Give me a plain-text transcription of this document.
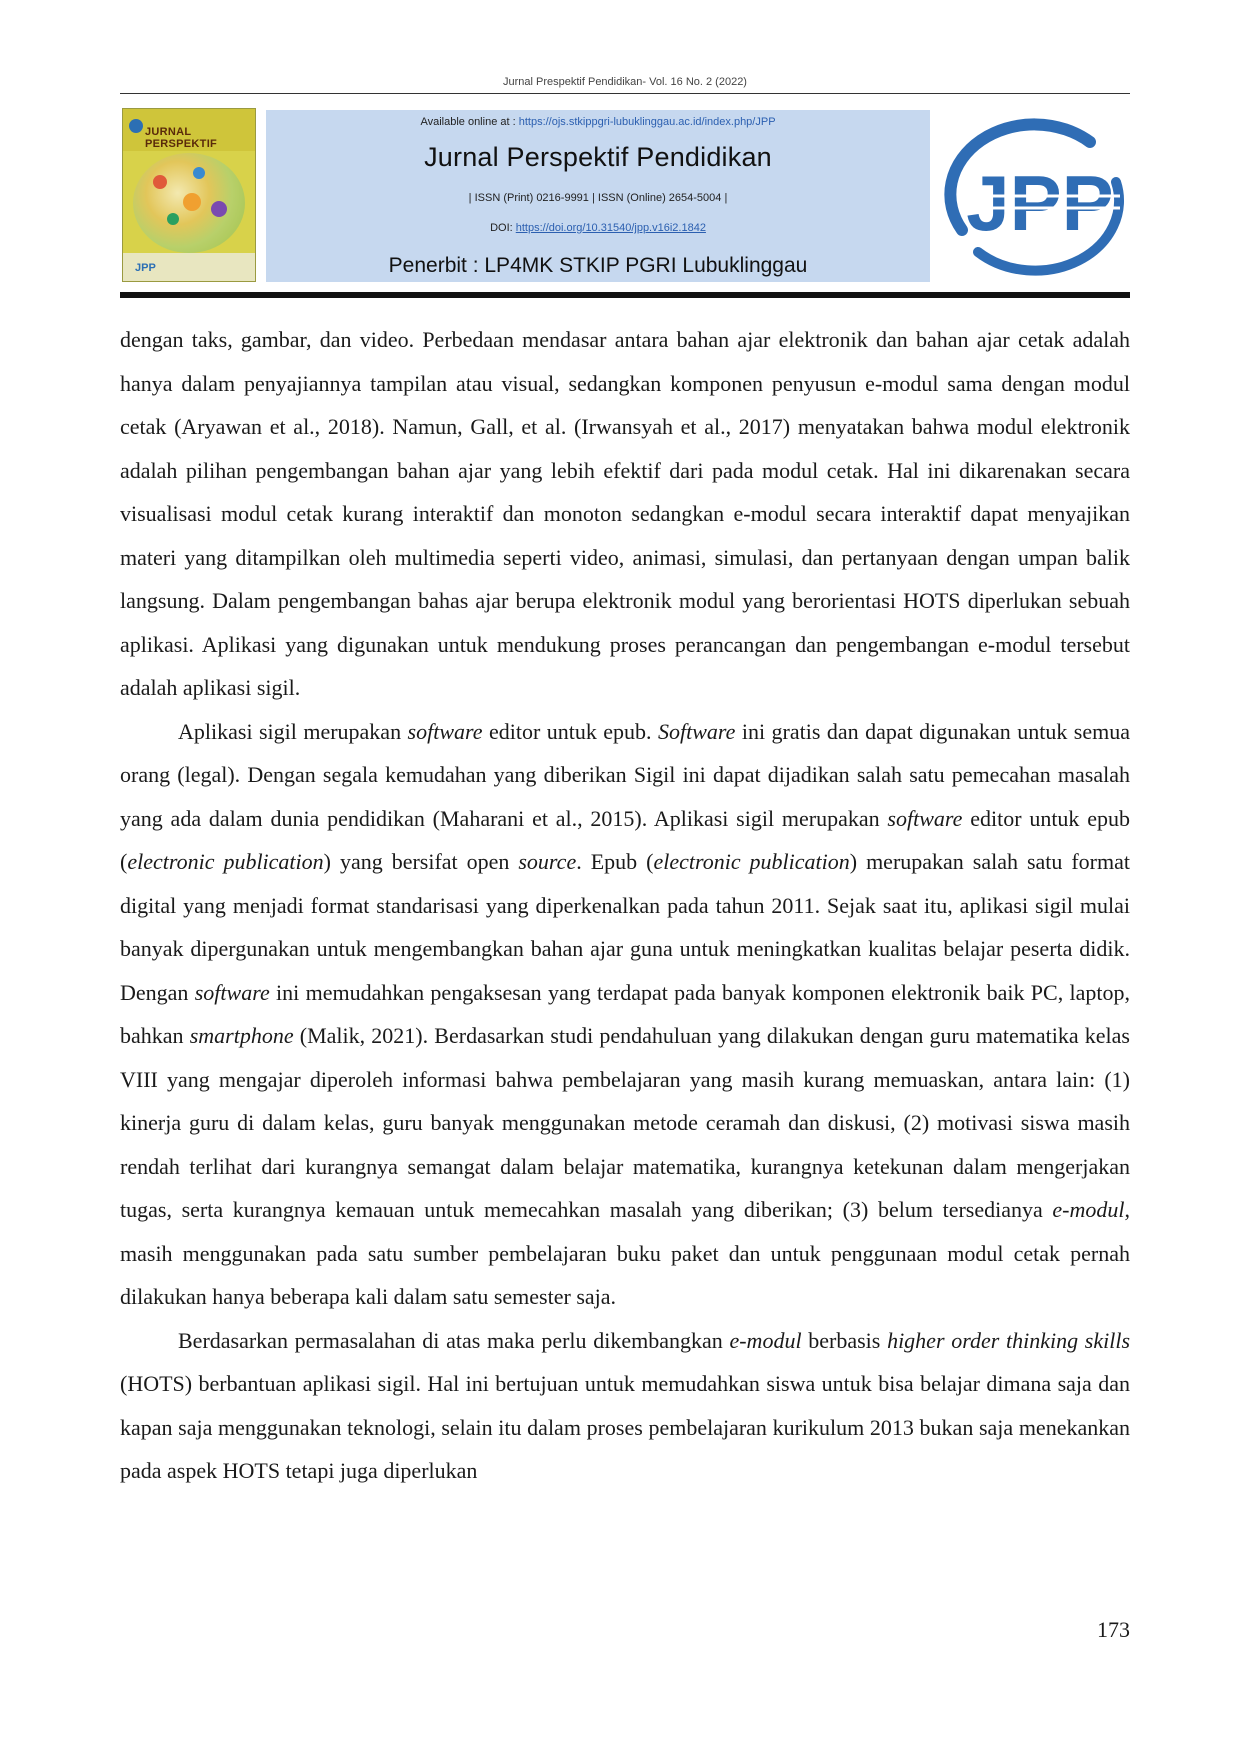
Jurnal Prespektif Pendidikan- Vol. 16 No. 2 (2022)
JURNAL PERSPEKTIF
JPP
Available online at : https://ojs.stkippgri-lubuklinggau.ac.id/index.php/JPP
Jurnal Perspektif Pendidikan
| ISSN (Print) 0216-9991 | ISSN (Online) 2654-5004 |
DOI: https://doi.org/10.31540/jpp.v16i2.1842
Penerbit : LP4MK STKIP PGRI Lubuklinggau
JPP

dengan taks, gambar, dan video. Perbedaan mendasar antara bahan ajar elektronik dan bahan ajar cetak adalah hanya dalam penyajiannya tampilan atau visual, sedangkan komponen penyusun e-modul sama dengan modul cetak (Aryawan et al., 2018). Namun, Gall, et al. (Irwansyah et al., 2017) menyatakan bahwa modul elektronik adalah pilihan pengembangan bahan ajar yang lebih efektif dari pada modul cetak. Hal ini dikarenakan secara visualisasi modul cetak kurang interaktif dan monoton sedangkan e-modul secara interaktif dapat menyajikan materi yang ditampilkan oleh multimedia seperti video, animasi, simulasi, dan pertanyaan dengan umpan balik langsung. Dalam pengembangan bahas ajar berupa elektronik modul yang berorientasi HOTS diperlukan sebuah aplikasi. Aplikasi yang digunakan untuk mendukung proses perancangan dan pengembangan e-modul tersebut adalah aplikasi sigil.

Aplikasi sigil merupakan software editor untuk epub. Software ini gratis dan dapat digunakan untuk semua orang (legal). Dengan segala kemudahan yang diberikan Sigil ini dapat dijadikan salah satu pemecahan masalah yang ada dalam dunia pendidikan (Maharani et al., 2015). Aplikasi sigil merupakan software editor untuk epub (electronic publication) yang bersifat open source. Epub (electronic publication) merupakan salah satu format digital yang menjadi format standarisasi yang diperkenalkan pada tahun 2011. Sejak saat itu, aplikasi sigil mulai banyak dipergunakan untuk mengembangkan bahan ajar guna untuk meningkatkan kualitas belajar peserta didik. Dengan software ini memudahkan pengaksesan yang terdapat pada banyak komponen elektronik baik PC, laptop, bahkan smartphone (Malik, 2021). Berdasarkan studi pendahuluan yang dilakukan dengan guru matematika kelas VIII yang mengajar diperoleh informasi bahwa pembelajaran yang masih kurang memuaskan, antara lain: (1) kinerja guru di dalam kelas, guru banyak menggunakan metode ceramah dan diskusi, (2) motivasi siswa masih rendah terlihat dari kurangnya semangat dalam belajar matematika, kurangnya ketekunan dalam mengerjakan tugas, serta kurangnya kemauan untuk memecahkan masalah yang diberikan; (3) belum tersedianya e-modul, masih menggunakan pada satu sumber pembelajaran buku paket dan untuk penggunaan modul cetak pernah dilakukan hanya beberapa kali dalam satu semester saja.

Berdasarkan permasalahan di atas maka perlu dikembangkan e-modul berbasis higher order thinking skills (HOTS) berbantuan aplikasi sigil. Hal ini bertujuan untuk memudahkan siswa untuk bisa belajar dimana saja dan kapan saja menggunakan teknologi, selain itu dalam proses pembelajaran kurikulum 2013 bukan saja menekankan pada aspek HOTS tetapi juga diperlukan

173
